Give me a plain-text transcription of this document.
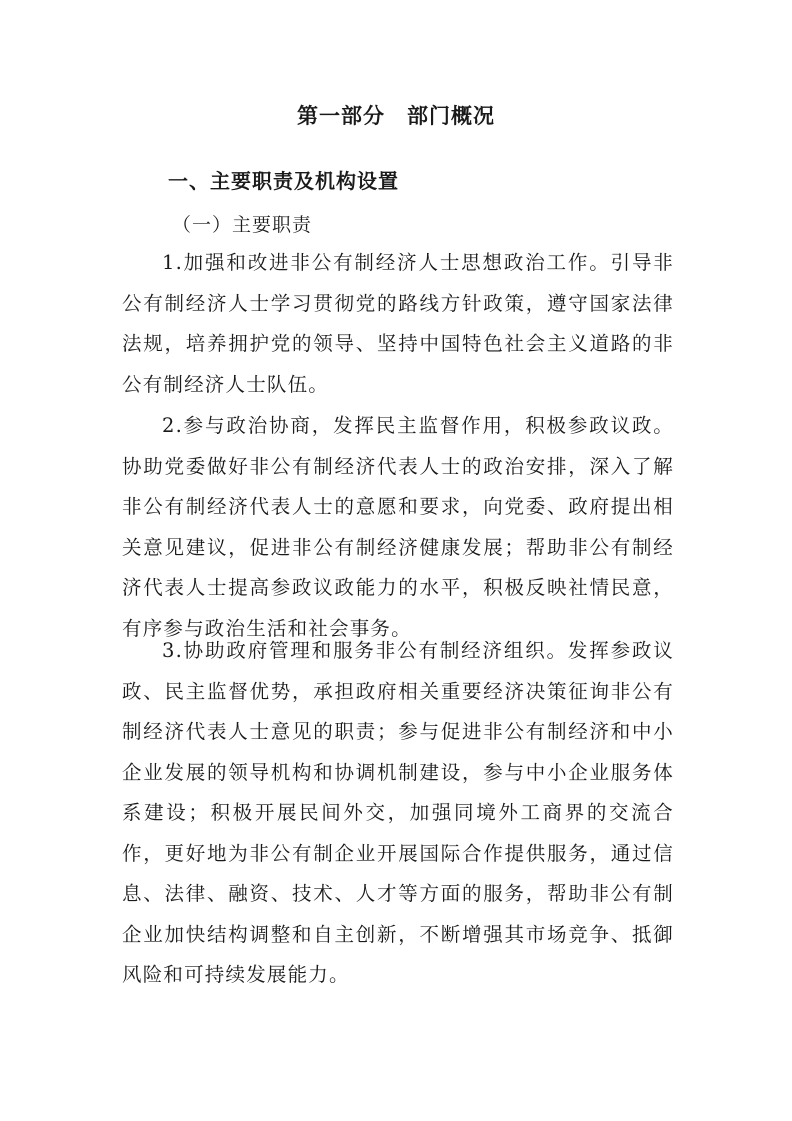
第一部分 部门概况
一、主要职责及机构设置
（一）主要职责

1.加强和改进非公有制经济人士思想政治工作。引导非公有制经济人士学习贯彻党的路线方针政策，遵守国家法律法规，培养拥护党的领导、坚持中国特色社会主义道路的非公有制经济人士队伍。

2.参与政治协商，发挥民主监督作用，积极参政议政。协助党委做好非公有制经济代表人士的政治安排，深入了解非公有制经济代表人士的意愿和要求，向党委、政府提出相关意见建议，促进非公有制经济健康发展；帮助非公有制经济代表人士提高参政议政能力的水平，积极反映社情民意，有序参与政治生活和社会事务。

3.协助政府管理和服务非公有制经济组织。发挥参政议政、民主监督优势，承担政府相关重要经济决策征询非公有制经济代表人士意见的职责；参与促进非公有制经济和中小企业发展的领导机构和协调机制建设，参与中小企业服务体系建设；积极开展民间外交，加强同境外工商界的交流合作，更好地为非公有制企业开展国际合作提供服务，通过信息、法律、融资、技术、人才等方面的服务，帮助非公有制企业加快结构调整和自主创新，不断增强其市场竞争、抵御风险和可持续发展能力。
